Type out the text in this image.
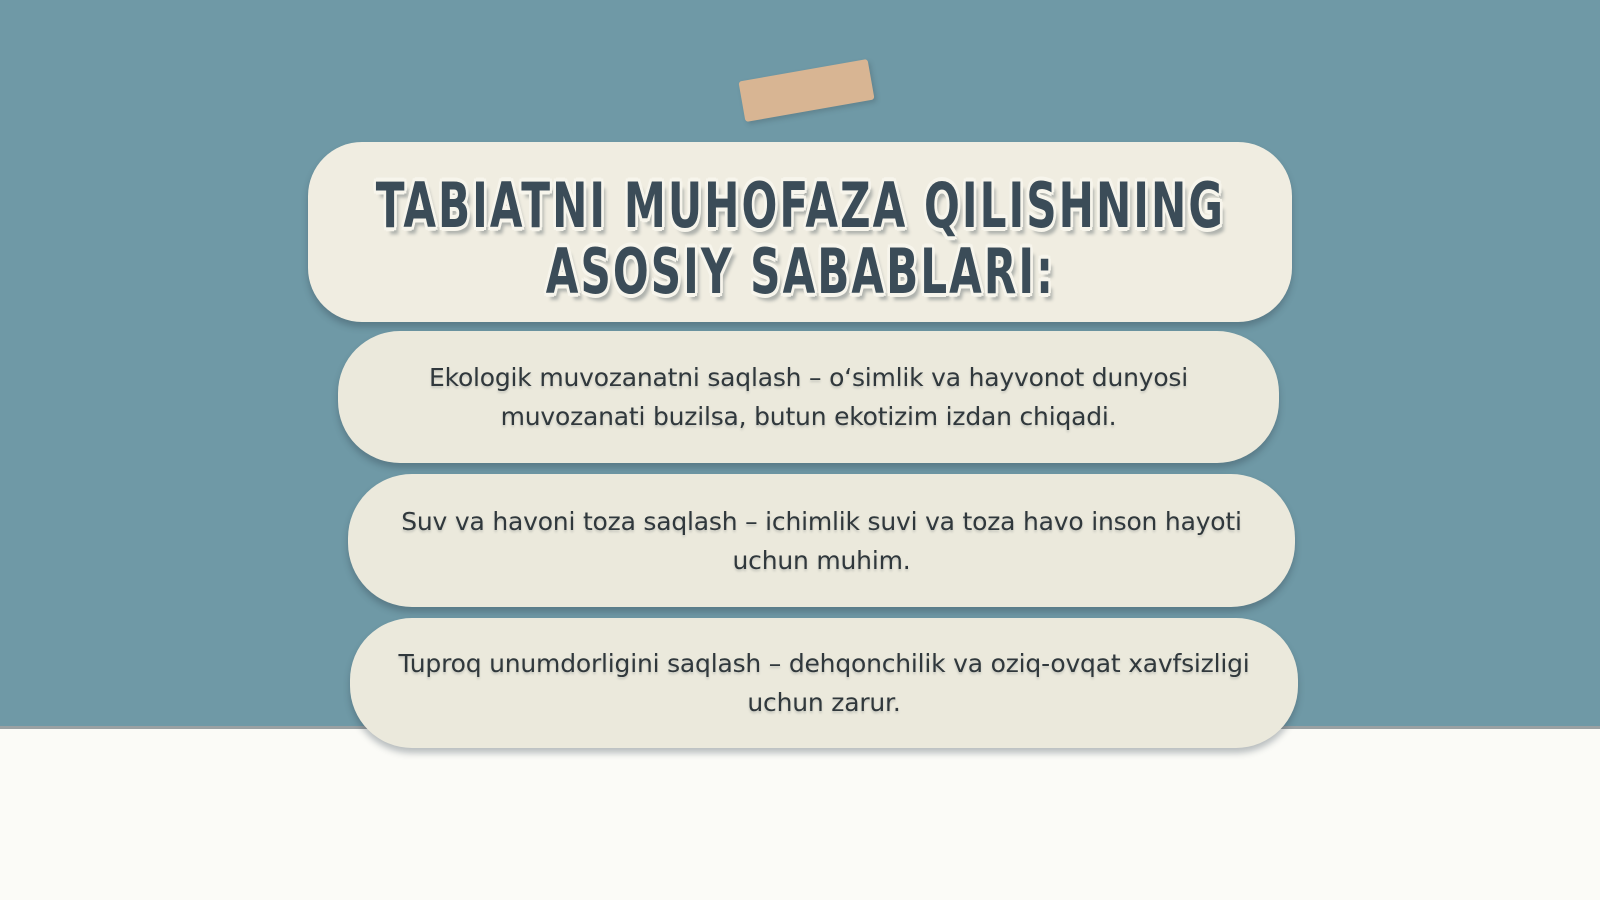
TABIATNI MUHOFAZA QILISHNING
ASOSIY SABABLARI:
Ekologik muvozanatni saqlash – oʻsimlik va hayvonot dunyosi
muvozanati buzilsa, butun ekotizim izdan chiqadi.
Suv va havoni toza saqlash – ichimlik suvi va toza havo inson hayoti
uchun muhim.
Tuproq unumdorligini saqlash – dehqonchilik va oziq-ovqat xavfsizligi
uchun zarur.
